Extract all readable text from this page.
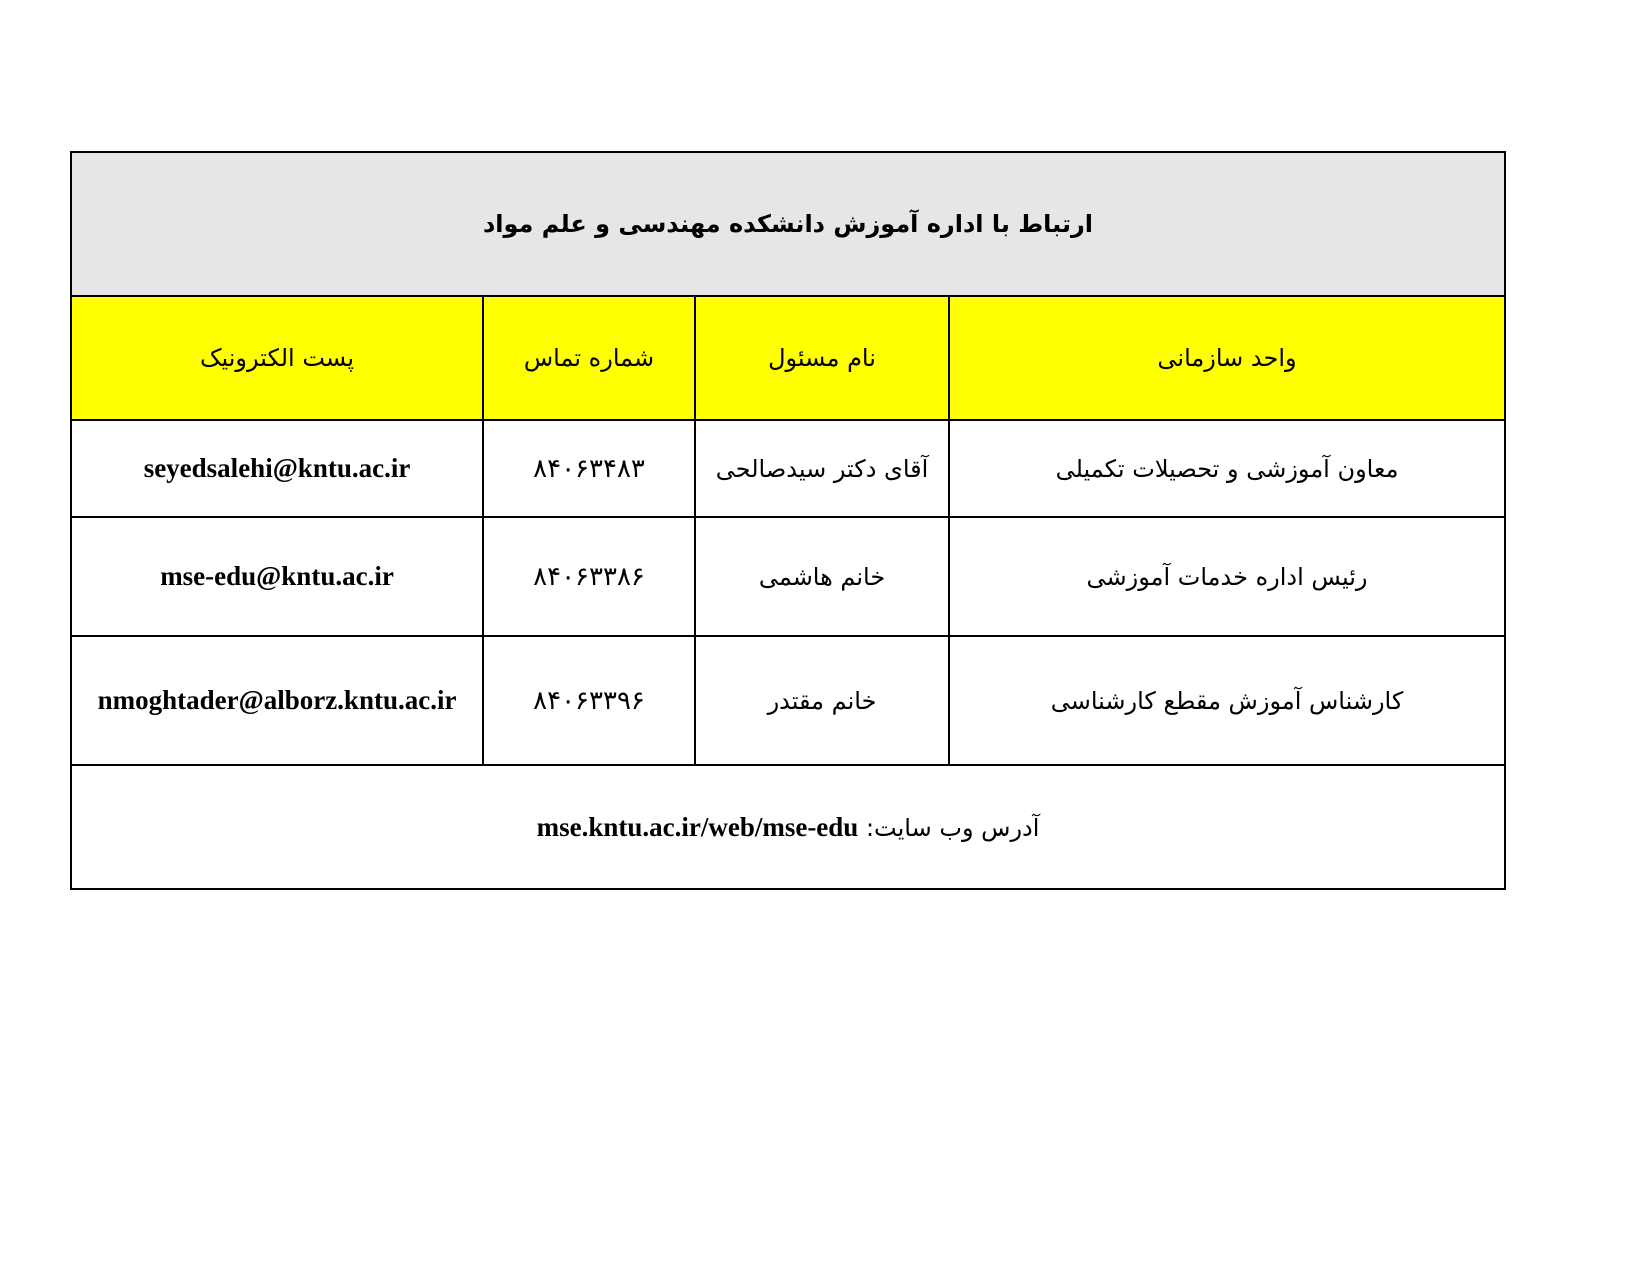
ارتباط با اداره آموزش دانشکده مهندسی و علم مواد			
واحد سازمانی	نام مسئول	شماره تماس	پست الکترونیک
معاون آموزشی و تحصیلات تکمیلی	آقای دکتر سیدصالحی	۸۴۰۶۳۴۸۳	seyedsalehi@kntu.ac.ir
رئیس اداره خدمات آموزشی	خانم هاشمی	۸۴۰۶۳۳۸۶	mse-edu@kntu.ac.ir
کارشناس آموزش مقطع کارشناسی	خانم مقتدر	۸۴۰۶۳۳۹۶	nmoghtader@alborz.kntu.ac.ir
آدرس وب سایت: mse.kntu.ac.ir/web/mse-edu			
